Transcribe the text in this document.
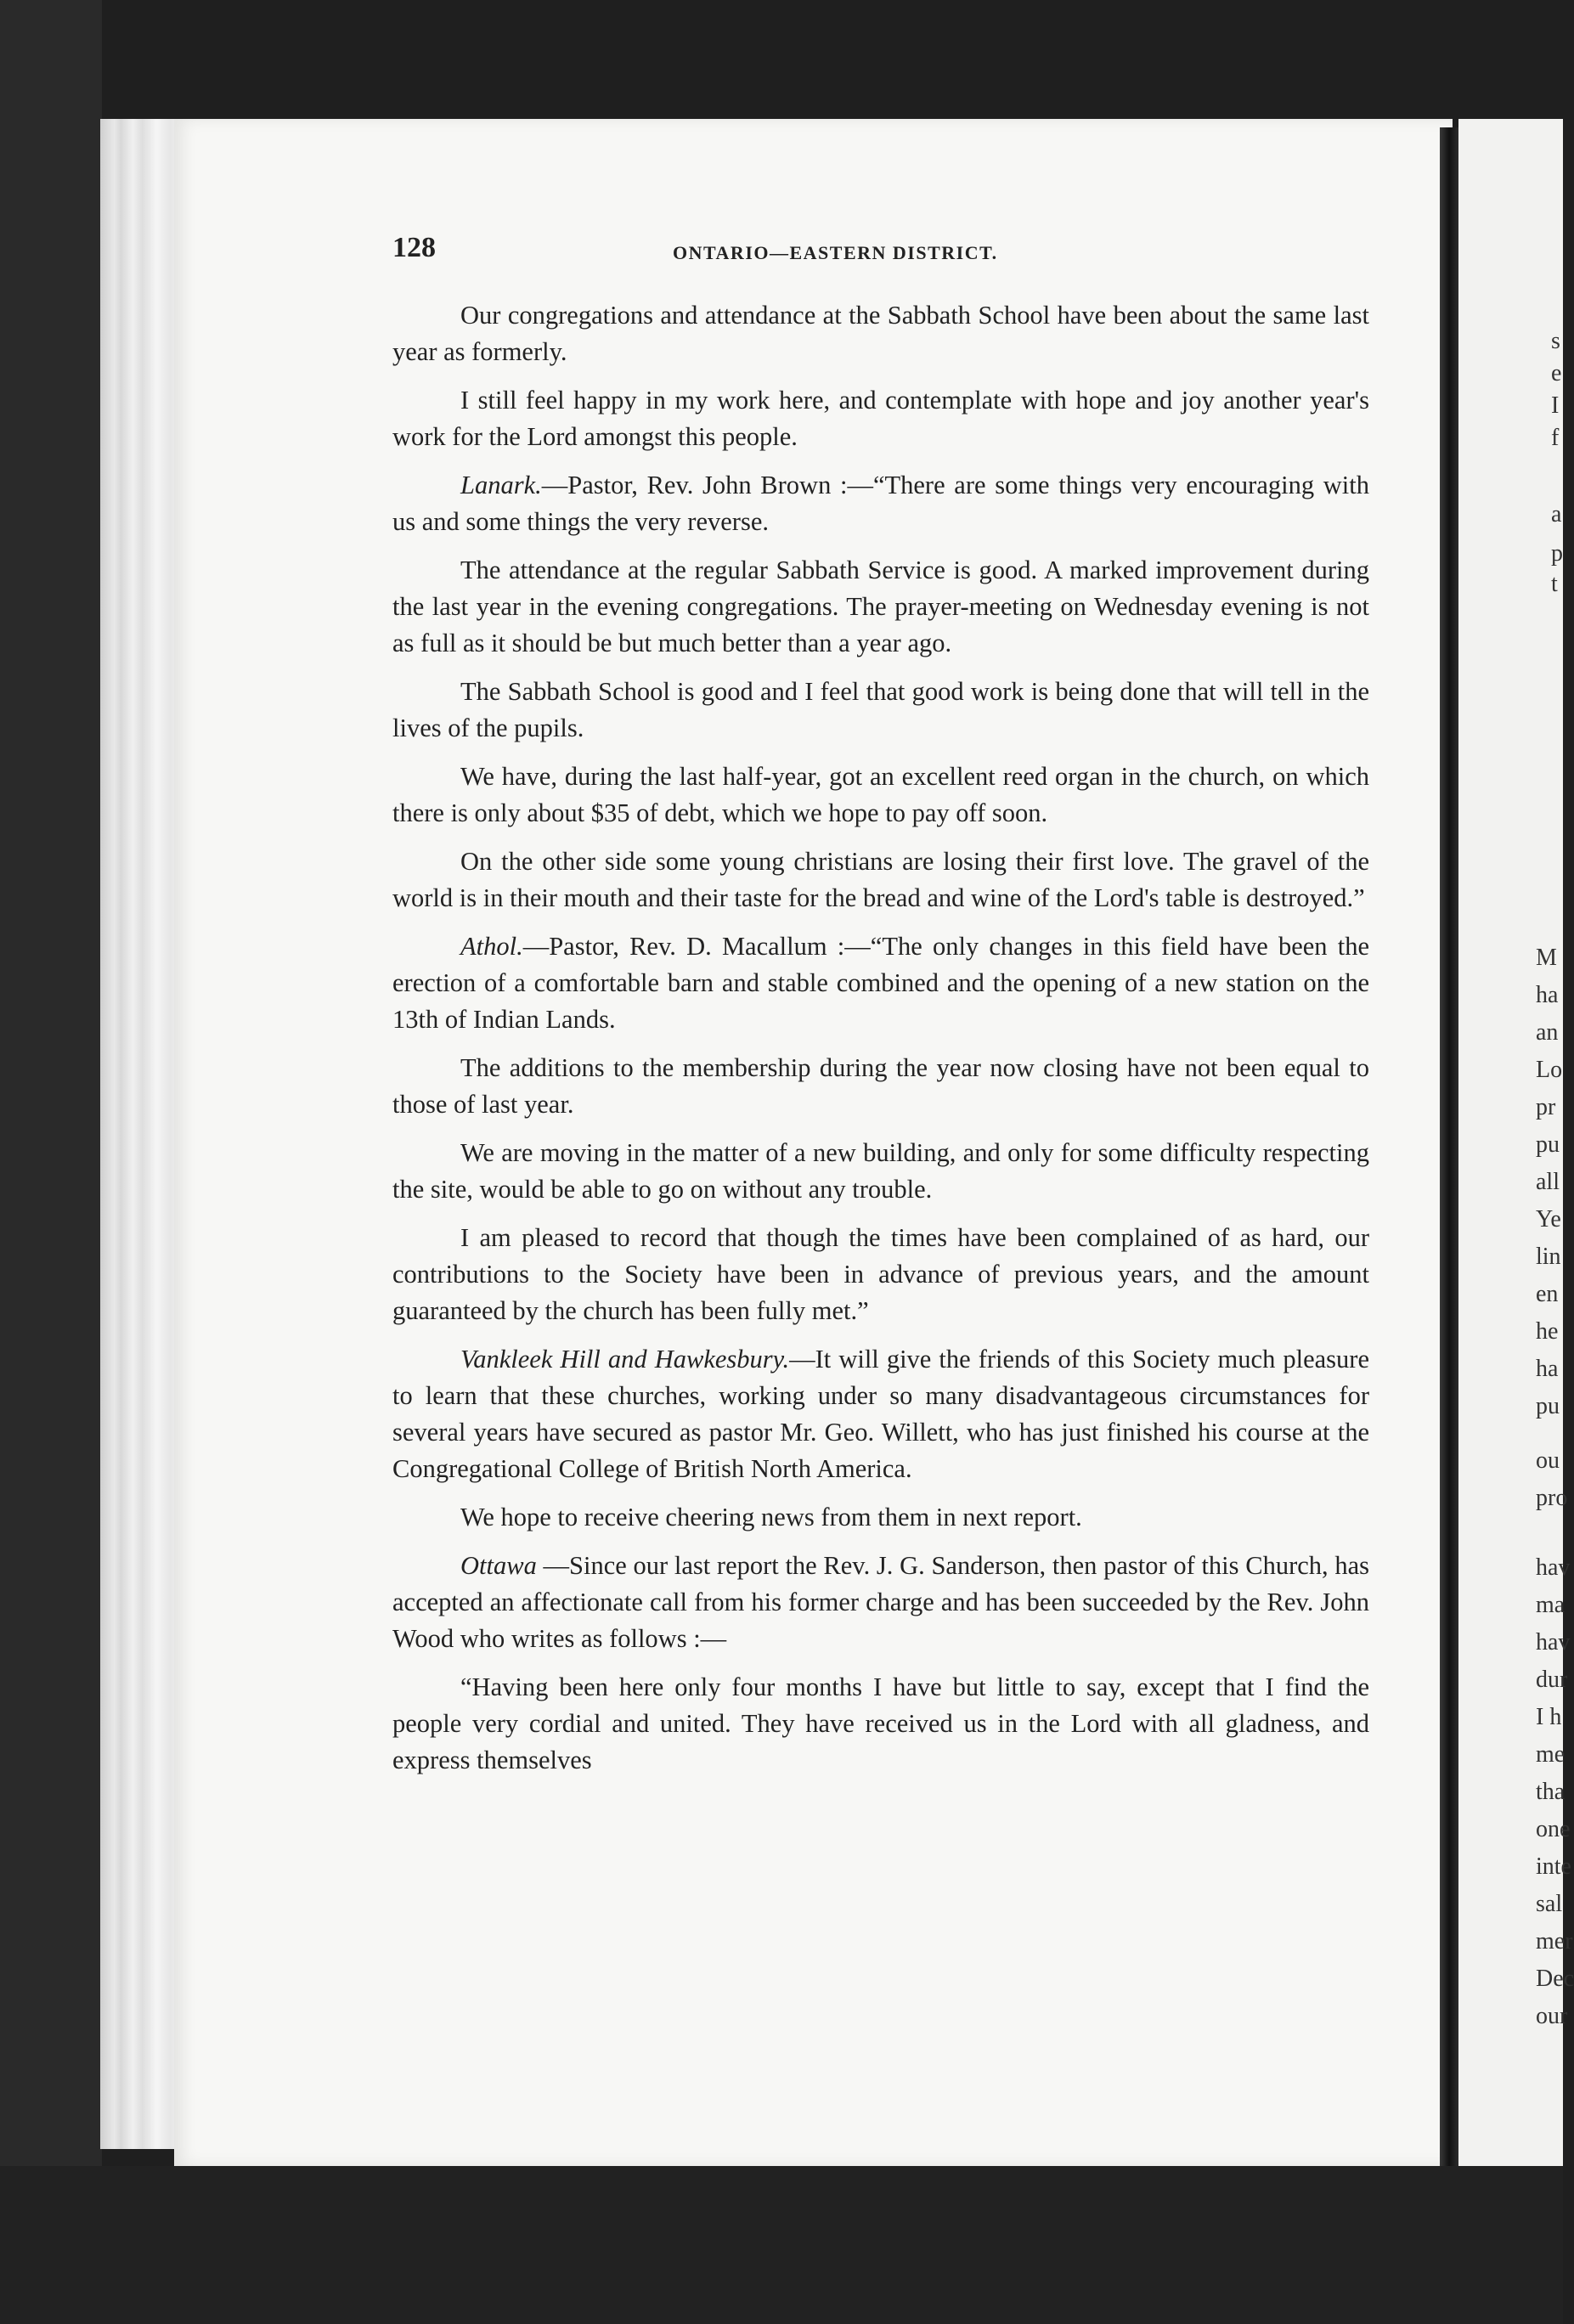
128	ONTARIO—EASTERN DISTRICT.

Our congregations and attendance at the Sabbath School have been about the same last year as formerly.

I still feel happy in my work here, and contemplate with hope and joy another year's work for the Lord amongst this people.

Lanark.—Pastor, Rev. John Brown :—“There are some things very encouraging with us and some things the very reverse.

The attendance at the regular Sabbath Service is good. A marked improvement during the last year in the evening congregations. The prayer-meeting on Wednesday evening is not as full as it should be but much better than a year ago.

The Sabbath School is good and I feel that good work is being done that will tell in the lives of the pupils.

We have, during the last half-year, got an excellent reed organ in the church, on which there is only about $35 of debt, which we hope to pay off soon.

On the other side some young christians are losing their first love. The gravel of the world is in their mouth and their taste for the bread and wine of the Lord's table is destroyed.”

Athol.—Pastor, Rev. D. Macallum :—“The only changes in this field have been the erection of a comfortable barn and stable combined and the opening of a new station on the 13th of Indian Lands.

The additions to the membership during the year now closing have not been equal to those of last year.

We are moving in the matter of a new building, and only for some difficulty respecting the site, would be able to go on without any trouble.

I am pleased to record that though the times have been complained of as hard, our contributions to the Society have been in advance of previous years, and the amount guaranteed by the church has been fully met.”

Vankleek Hill and Hawkesbury.—It will give the friends of this Society much pleasure to learn that these churches, working under so many disadvantageous circumstances for several years have secured as pastor Mr. Geo. Willett, who has just finished his course at the Congregational College of British North America.

We hope to receive cheering news from them in next report.

Ottawa —Since our last report the Rev. J. G. Sanderson, then pastor of this Church, has accepted an affectionate call from his former charge and has been succeeded by the Rev. John Wood who writes as follows :—

“Having been here only four months I have but little to say, except that I find the people very cordial and united. They have received us in the Lord with all gladness, and express themselves

s
e
I
f
a
p
t
M
ha
an
Lo
pr
pu
all
Ye
lin
en
he
ha
pu
ou
pro
hav
ma
hav
dur
I h
me
tha
one
inte
sal
mer
Dec
our
